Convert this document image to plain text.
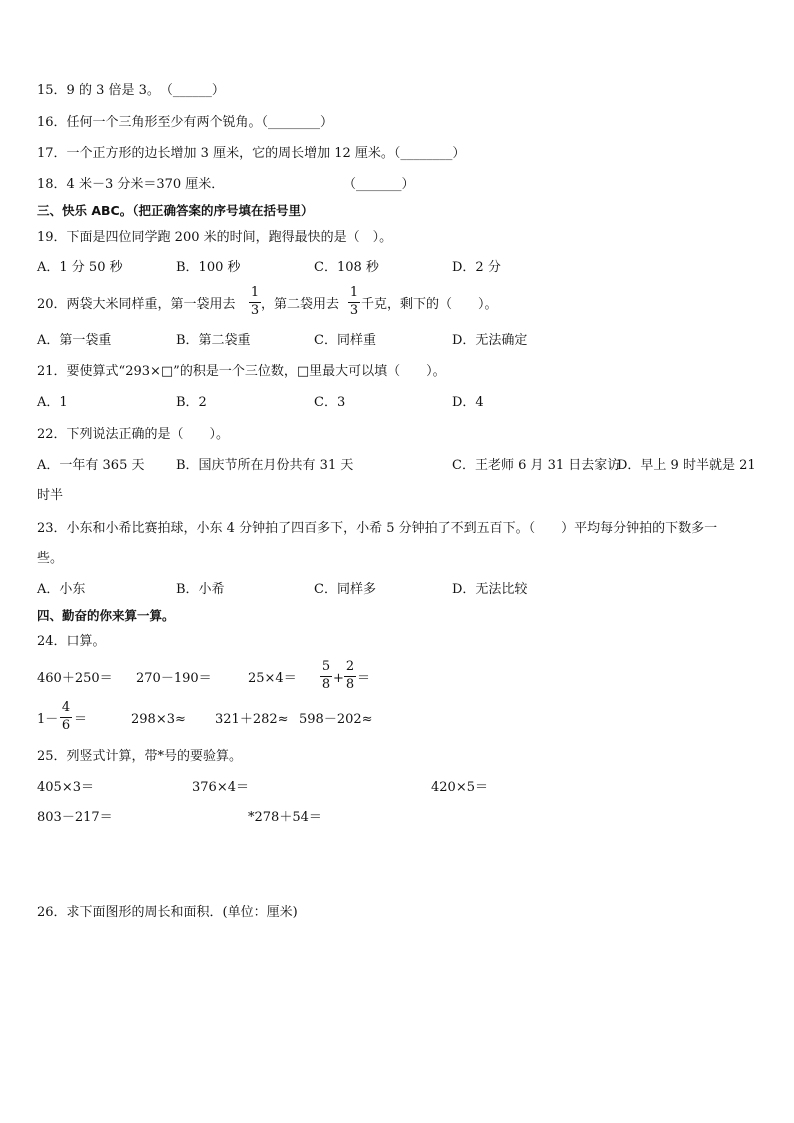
15．9 的 3 倍是 3。　（______）
16．任何一个三角形至少有两个锐角。（________）
17．一个正方形的边长增加 3 厘米，它的周长增加 12 厘米。（________）
18．4 米－3 分米＝370 厘米．	（_______）
三、快乐 ABC。（把正确答案的序号填在括号里）
19．下面是四位同学跑 200 米的时间，跑得最快的是（　）。
A．1 分 50 秒	B．100 秒	C．108 秒	D．2 分
20．两袋大米同样重，第一袋用去
1
3 ，第二袋用去
1
3 千克，剩下的（　　）。
A．第一袋重	B．第二袋重	C．同样重	D．无法确定
21．要使算式“293×□”的积是一个三位数，□里最大可以填（　　）。
A．1	B．2	C．3	D．4
22．下列说法正确的是（　　）。
A．一年有 365 天 B．国庆节所在月份共有 31 天	C．王老师 6 月 31 日去家访
D．早上 9 时半就是 21
时半
23．小东和小希比赛拍球，小东 4 分钟拍了四百多下，小希 5 分钟拍了不到五百下。（　　）平均每分钟拍的下数多一
些。
A．小东	B．小希	C．同样多	D．无法比较
四、勤奋的你来算一算。
24．口算。
460＋250＝ 270－190＝	25×4＝
5
8 +
2
8 ＝
1－
4
6 ＝	298×3≈ 321＋282≈ 598－202≈
25．列竖式计算，带*号的要验算。
405×3＝	376×4＝	420×5＝
803－217＝	*278＋54＝
26．求下面图形的周长和面积．(单位：厘米)
